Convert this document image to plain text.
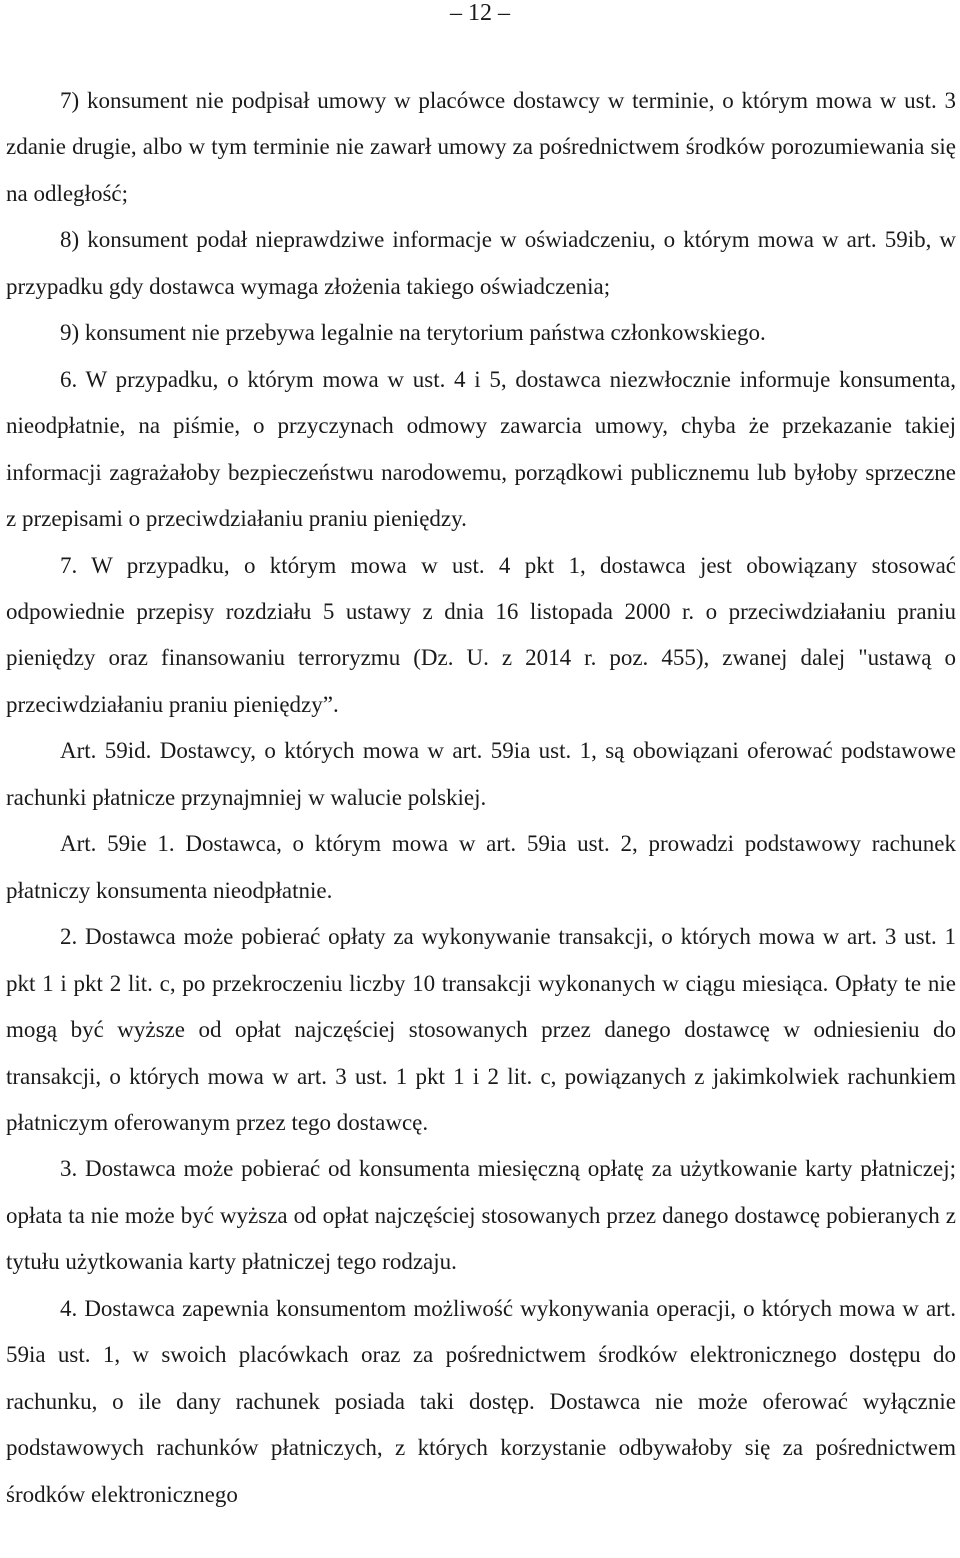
– 12 –

7) konsument nie podpisał umowy w placówce dostawcy w terminie, o którym mowa w ust. 3 zdanie drugie, albo w tym terminie nie zawarł umowy za pośrednictwem środków porozumiewania się na odległość;

8) konsument podał nieprawdziwe informacje w oświadczeniu, o którym mowa w art. 59ib, w przypadku gdy dostawca wymaga złożenia takiego oświadczenia;

9) konsument nie przebywa legalnie na terytorium państwa członkowskiego.

6. W przypadku, o którym mowa w ust. 4 i 5, dostawca niezwłocznie informuje konsumenta, nieodpłatnie, na piśmie, o przyczynach odmowy zawarcia umowy, chyba że przekazanie takiej informacji zagrażałoby bezpieczeństwu narodowemu, porządkowi publicznemu lub byłoby sprzeczne z przepisami o przeciwdziałaniu praniu pieniędzy.

7. W przypadku, o którym mowa w ust. 4 pkt 1, dostawca jest obowiązany stosować odpowiednie przepisy rozdziału 5 ustawy z dnia 16 listopada 2000 r. o przeciwdziałaniu praniu pieniędzy oraz finansowaniu terroryzmu (Dz. U. z 2014 r. poz. 455), zwanej dalej "ustawą o przeciwdziałaniu praniu pieniędzy”.

Art. 59id. Dostawcy, o których mowa w art. 59ia ust. 1, są obowiązani oferować podstawowe rachunki płatnicze przynajmniej w walucie polskiej.

Art. 59ie 1. Dostawca, o którym mowa w art. 59ia ust. 2, prowadzi podstawowy rachunek płatniczy konsumenta nieodpłatnie.

2. Dostawca może pobierać opłaty za wykonywanie transakcji, o których mowa w art. 3 ust. 1 pkt 1 i pkt 2 lit. c, po przekroczeniu liczby 10 transakcji wykonanych w ciągu miesiąca. Opłaty te nie mogą być wyższe od opłat najczęściej stosowanych przez danego dostawcę w odniesieniu do transakcji, o których mowa w art. 3 ust. 1 pkt 1 i 2 lit. c, powiązanych z jakimkolwiek rachunkiem płatniczym oferowanym przez tego dostawcę.

3. Dostawca może pobierać od konsumenta miesięczną opłatę za użytkowanie karty płatniczej; opłata ta nie może być wyższa od opłat najczęściej stosowanych przez danego dostawcę pobieranych z tytułu użytkowania karty płatniczej tego rodzaju.

4. Dostawca zapewnia konsumentom możliwość wykonywania operacji, o których mowa w art. 59ia ust. 1, w swoich placówkach oraz za pośrednictwem środków elektronicznego dostępu do rachunku, o ile dany rachunek posiada taki dostęp. Dostawca nie może oferować wyłącznie podstawowych rachunków płatniczych, z których korzystanie odbywałoby się za pośrednictwem środków elektronicznego
